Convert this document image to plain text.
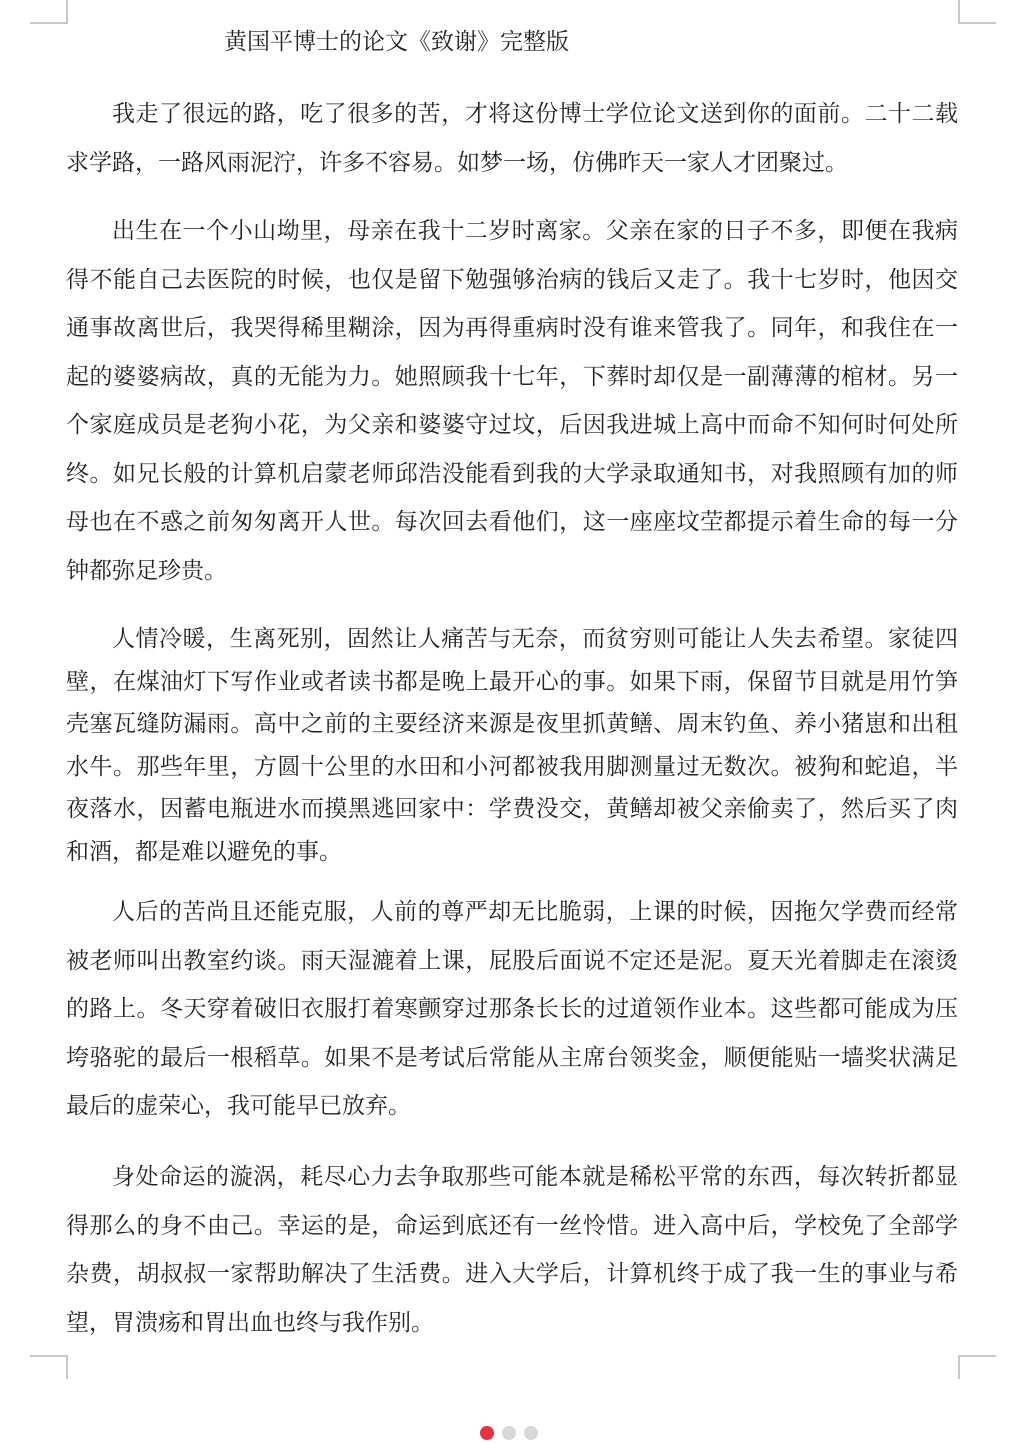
黄国平博士的论文《致谢》完整版

我走了很远的路，吃了很多的苦，才将这份博士学位论文送到你的面前。二十二载求学路，一路风雨泥泞，许多不容易。如梦一场，仿佛昨天一家人才团聚过。

出生在一个小山坳里，母亲在我十二岁时离家。父亲在家的日子不多，即便在我病得不能自己去医院的时候，也仅是留下勉强够治病的钱后又走了。我十七岁时，他因交通事故离世后，我哭得稀里糊涂，因为再得重病时没有谁来管我了。同年，和我住在一起的婆婆病故，真的无能为力。她照顾我十七年，下葬时却仅是一副薄薄的棺材。另一个家庭成员是老狗小花，为父亲和婆婆守过坟，后因我进城上高中而命不知何时何处所终。如兄长般的计算机启蒙老师邱浩没能看到我的大学录取通知书，对我照顾有加的师母也在不惑之前匆匆离开人世。每次回去看他们，这一座座坟茔都提示着生命的每一分钟都弥足珍贵。

人情冷暖，生离死别，固然让人痛苦与无奈，而贫穷则可能让人失去希望。家徒四壁，在煤油灯下写作业或者读书都是晚上最开心的事。如果下雨，保留节目就是用竹笋壳塞瓦缝防漏雨。高中之前的主要经济来源是夜里抓黄鳝、周末钓鱼、养小猪崽和出租水牛。那些年里，方圆十公里的水田和小河都被我用脚测量过无数次。被狗和蛇追，半夜落水，因蓄电瓶进水而摸黑逃回家中：学费没交，黄鳝却被父亲偷卖了，然后买了肉和酒，都是难以避免的事。

人后的苦尚且还能克服，人前的尊严却无比脆弱，上课的时候，因拖欠学费而经常被老师叫出教室约谈。雨天湿漉着上课，屁股后面说不定还是泥。夏天光着脚走在滚烫的路上。冬天穿着破旧衣服打着寒颤穿过那条长长的过道领作业本。这些都可能成为压垮骆驼的最后一根稻草。如果不是考试后常能从主席台领奖金，顺便能贴一墙奖状满足最后的虚荣心，我可能早已放弃。

身处命运的漩涡，耗尽心力去争取那些可能本就是稀松平常的东西，每次转折都显得那么的身不由己。幸运的是，命运到底还有一丝怜惜。进入高中后，学校免了全部学杂费，胡叔叔一家帮助解决了生活费。进入大学后，计算机终于成了我一生的事业与希望，胃溃疡和胃出血也终与我作别。
